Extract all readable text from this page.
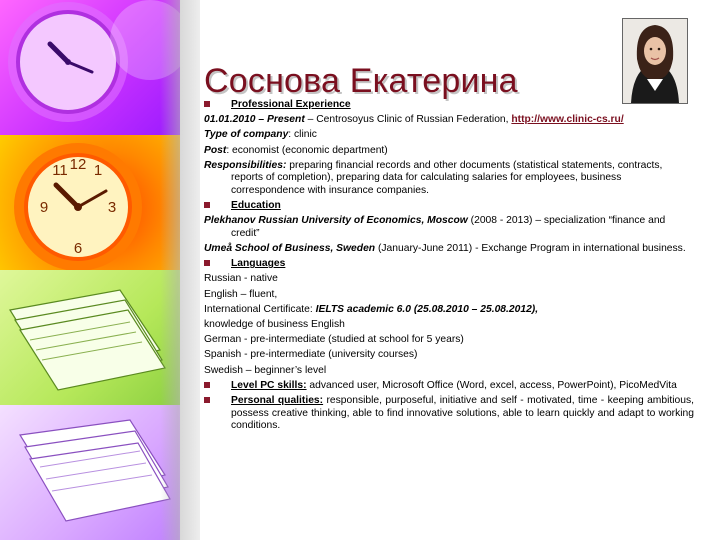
12
3
6
9
11 1
Соснова Екатерина
Professional Experience

01.01.2010 – Present – Centrosoyus Clinic of Russian Federation, http://www.clinic-cs.ru/

Type of company: clinic

Post: economist (economic department)

Responsibilities: preparing financial records and other documents (statistical statements, contracts, reports of completion), preparing data for calculating salaries for employees, business correspondence with insurance companies.

Education

Plekhanov Russian University of Economics, Moscow (2008 - 2013) – specialization “finance and credit”

Umeå School of Business, Sweden (January-June 2011) - Exchange Program in international business.

Languages

Russian - native

English – fluent,

International Certificate: IELTS academic 6.0 (25.08.2010 – 25.08.2012),

knowledge of business English

German - pre-intermediate (studied at school for 5 years)

Spanish - pre-intermediate (university courses)

Swedish – beginner’s level

Level PC skills: advanced user, Microsoft Office (Word, excel, access, PowerPoint), PicoMedVita
Personal qualities: responsible, purposeful, initiative and self - motivated, time - keeping ambitious, possess creative thinking, able to find innovative solutions, able to learn quickly and adapt to working conditions.
